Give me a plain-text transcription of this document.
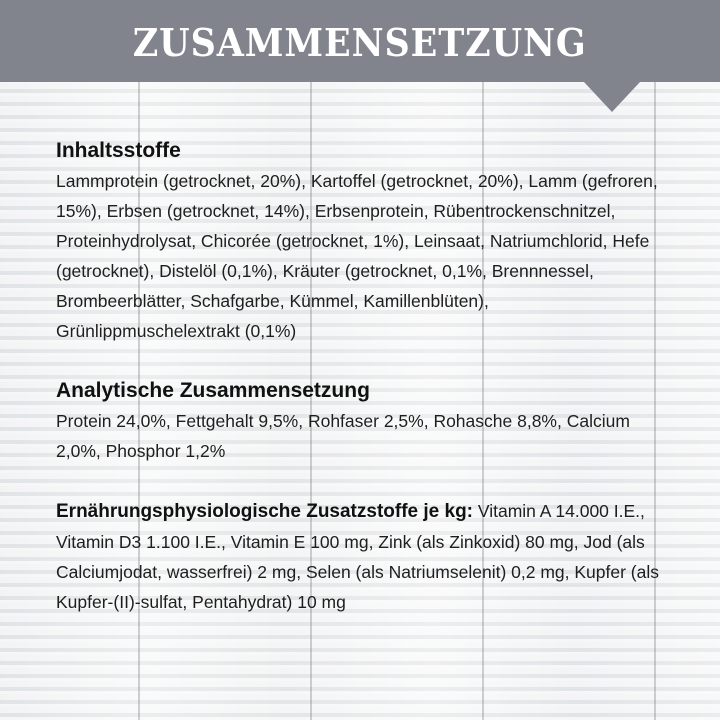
ZUSAMMENSETZUNG
Inhaltsstoffe
Lammprotein (getrocknet, 20%), Kartoffel (getrocknet, 20%), Lamm (gefroren, 15%), Erbsen (getrocknet, 14%), Erbsenprotein, Rübentrockenschnitzel, Proteinhydrolysat, Chicorée (getrocknet, 1%), Leinsaat, Natriumchlorid, Hefe (getrocknet), Distelöl (0,1%), Kräuter (getrocknet, 0,1%, Brennnessel, Brombeerblätter, Schafgarbe, Kümmel, Kamillenblüten), Grünlippmuschelextrakt (0,1%)
Analytische Zusammensetzung
Protein 24,0%, Fettgehalt 9,5%, Rohfaser 2,5%, Rohasche 8,8%, Calcium 2,0%, Phosphor 1,2%
Ernährungsphysiologische Zusatzstoffe je kg: Vitamin A 14.000 I.E., Vitamin D3 1.100 I.E., Vitamin E 100 mg, Zink (als Zinkoxid) 80 mg, Jod (als Calciumjodat, wasserfrei) 2 mg, Selen (als Natriumselenit) 0,2 mg, Kupfer (als Kupfer-(II)-sulfat, Pentahydrat) 10 mg
